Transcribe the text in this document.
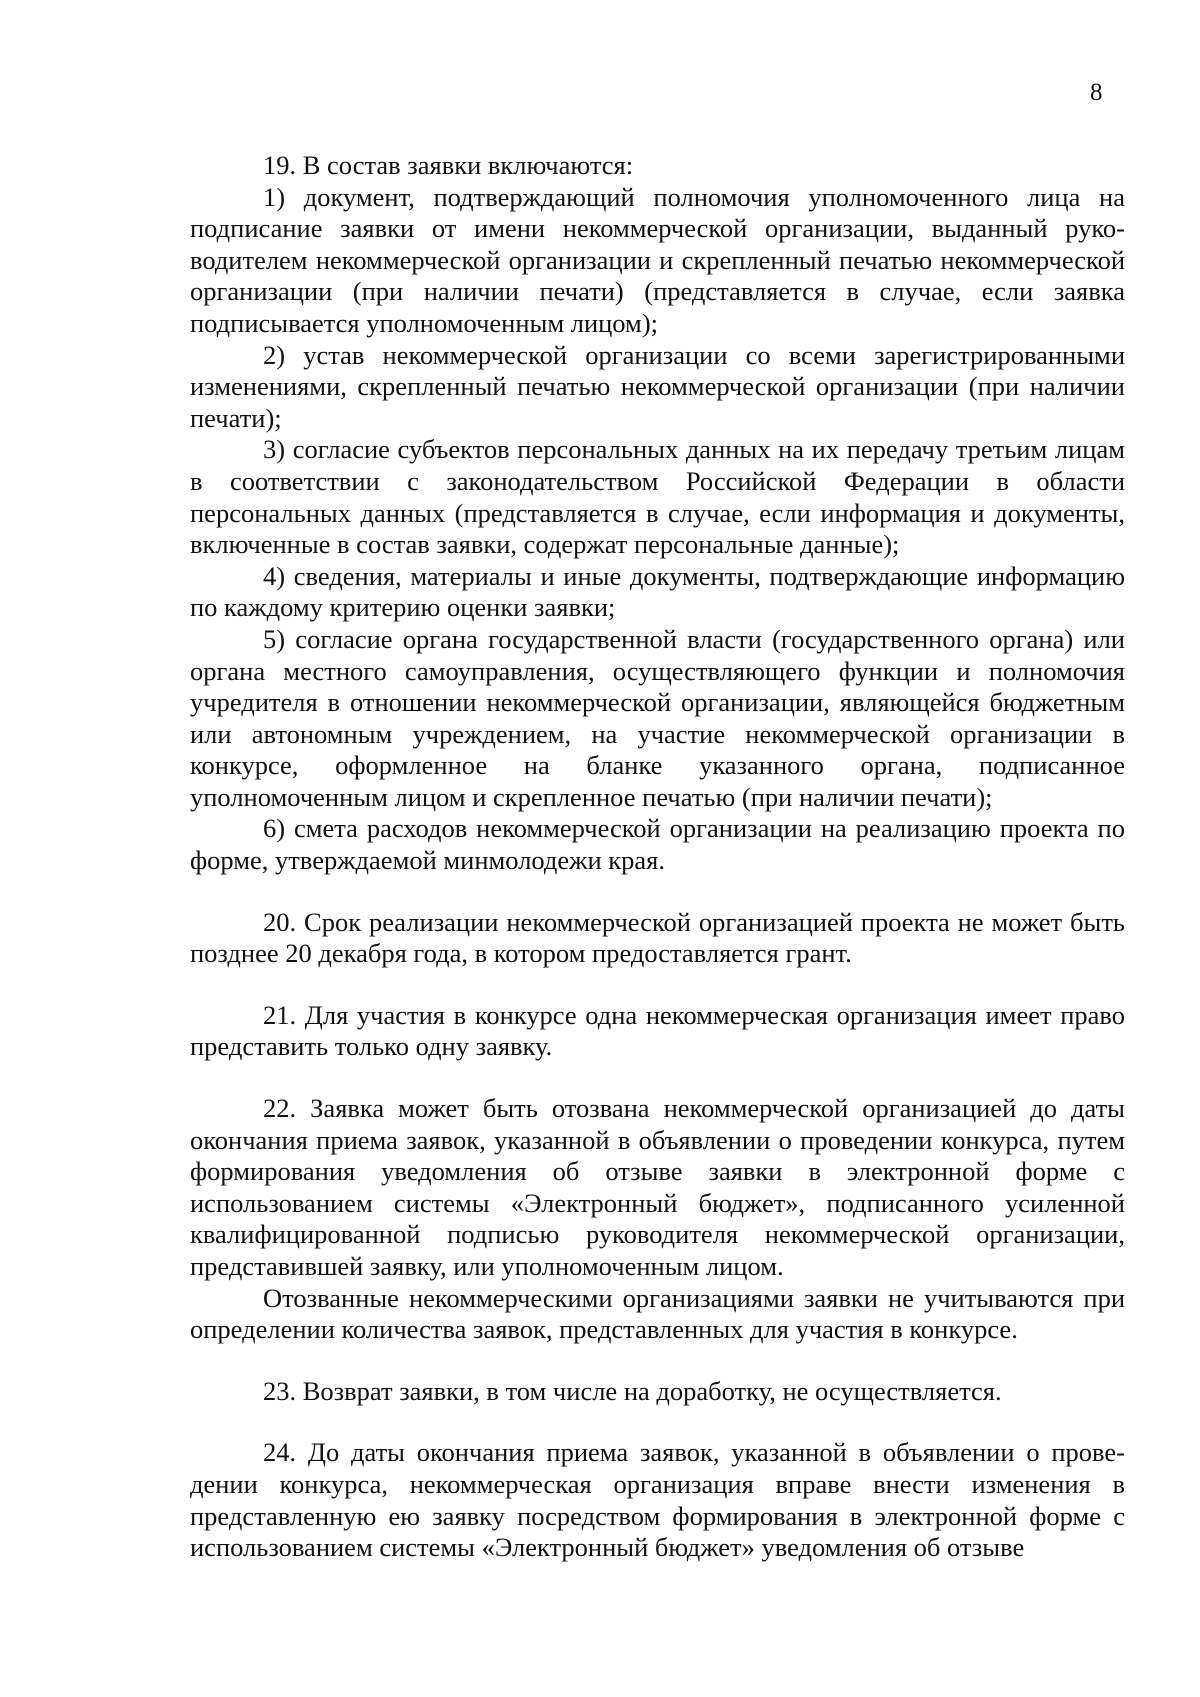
8

19. В состав заявки включаются:

1) документ, подтверждающий полномочия уполномоченного лица на подписание заявки от имени некоммерческой организации, выданный руководителем некоммерческой организации и скрепленный печатью некоммерческой организации (при наличии печати) (представляется в случае, если заявка подписывается уполномоченным лицом);

2) устав некоммерческой организации со всеми зарегистрированными изменениями, скрепленный печатью некоммерческой организации (при наличии печати);

3) согласие субъектов персональных данных на их передачу третьим лицам в соответствии с законодательством Российской Федерации в области персональных данных (представляется в случае, если информация и документы, включенные в состав заявки, содержат персональные данные);

4) сведения, материалы и иные документы, подтверждающие информацию по каждому критерию оценки заявки;

5) согласие органа государственной власти (государственного органа) или органа местного самоуправления, осуществляющего функции и полномочия учредителя в отношении некоммерческой организации, являющейся бюджетным или автономным учреждением, на участие некоммерческой организации в конкурсе, оформленное на бланке указанного органа, подписанное уполномоченным лицом и скрепленное печатью (при наличии печати);

6) смета расходов некоммерческой организации на реализацию проекта по форме, утверждаемой минмолодежи края.

20. Срок реализации некоммерческой организацией проекта не может быть позднее 20 декабря года, в котором предоставляется грант.

21. Для участия в конкурсе одна некоммерческая организация имеет право представить только одну заявку.

22. Заявка может быть отозвана некоммерческой организацией до даты окончания приема заявок, указанной в объявлении о проведении конкурса, путем формирования уведомления об отзыве заявки в электронной форме с использованием системы «Электронный бюджет», подписанного усиленной квалифицированной подписью руководителя некоммерческой организации, представившей заявку, или уполномоченным лицом.

Отозванные некоммерческими организациями заявки не учитываются при определении количества заявок, представленных для участия в конкурсе.

23. Возврат заявки, в том числе на доработку, не осуществляется.

24. До даты окончания приема заявок, указанной в объявлении о проведении конкурса, некоммерческая организация вправе внести изменения в представленную ею заявку посредством формирования в электронной форме с использованием системы «Электронный бюджет» уведомления об отзыве
